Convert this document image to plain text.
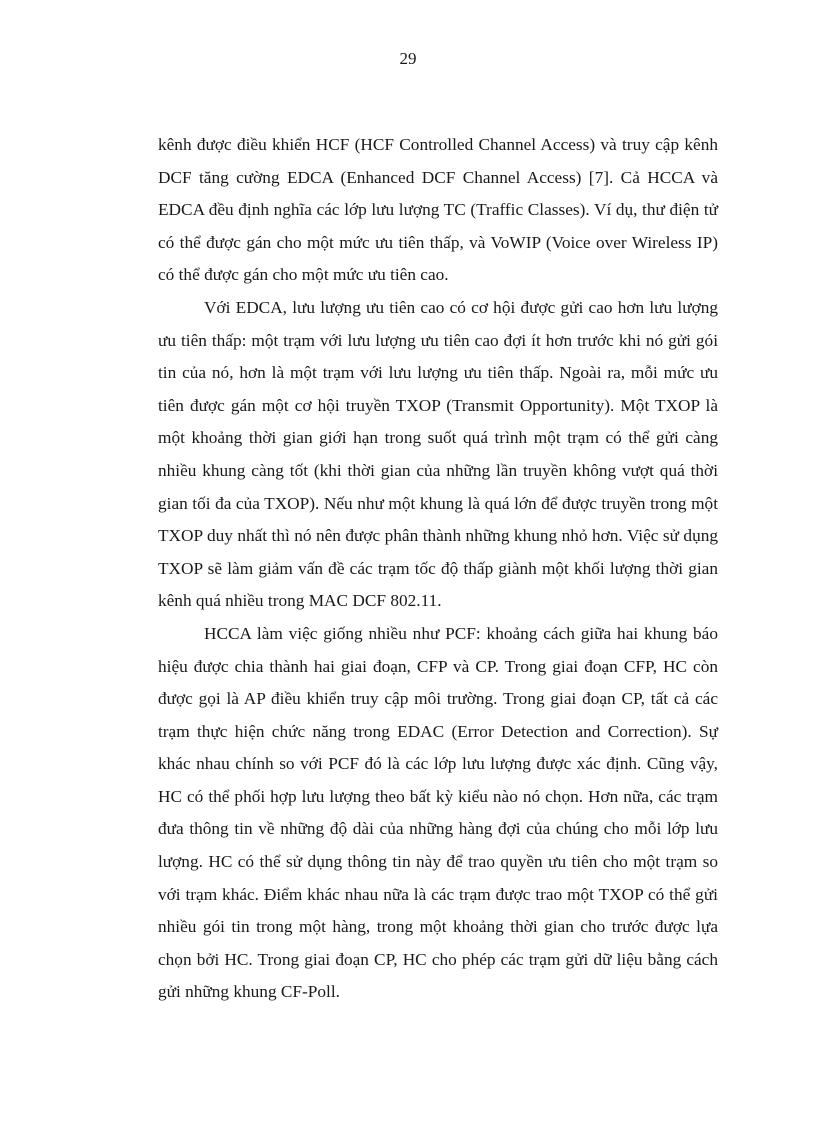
29

kênh được điều khiển HCF (HCF Controlled Channel Access) và truy cập kênh DCF tăng cường EDCA (Enhanced DCF Channel Access) [7]. Cả HCCA và EDCA đều định nghĩa các lớp lưu lượng TC (Traffic Classes). Ví dụ, thư điện tử có thể được gán cho một mức ưu tiên thấp, và VoWIP (Voice over Wireless IP) có thể được gán cho một mức ưu tiên cao.

Với EDCA, lưu lượng ưu tiên cao có cơ hội được gửi cao hơn lưu lượng ưu tiên thấp: một trạm với lưu lượng ưu tiên cao đợi ít hơn trước khi nó gửi gói tin của nó, hơn là một trạm với lưu lượng ưu tiên thấp. Ngoài ra, mỗi mức ưu tiên được gán một cơ hội truyền TXOP (Transmit Opportunity). Một TXOP là một khoảng thời gian giới hạn trong suốt quá trình một trạm có thể gửi càng nhiều khung càng tốt (khi thời gian của những lần truyền không vượt quá thời gian tối đa của TXOP). Nếu như một khung là quá lớn để được truyền trong một TXOP duy nhất thì nó nên được phân thành những khung nhỏ hơn. Việc sử dụng TXOP sẽ làm giảm vấn đề các trạm tốc độ thấp giành một khối lượng thời gian kênh quá nhiều trong MAC DCF 802.11.

HCCA làm việc giống nhiều như PCF: khoảng cách giữa hai khung báo hiệu được chia thành hai giai đoạn, CFP và CP. Trong giai đoạn CFP, HC còn được gọi là AP điều khiển truy cập môi trường. Trong giai đoạn CP, tất cả các trạm thực hiện chức năng trong EDAC (Error Detection and Correction). Sự khác nhau chính so với PCF đó là các lớp lưu lượng được xác định. Cũng vậy, HC có thể phối hợp lưu lượng theo bất kỳ kiểu nào nó chọn. Hơn nữa, các trạm đưa thông tin về những độ dài của những hàng đợi của chúng cho mỗi lớp lưu lượng. HC có thể sử dụng thông tin này để trao quyền ưu tiên cho một trạm so với trạm khác. Điểm khác nhau nữa là các trạm được trao một TXOP có thể gửi nhiều gói tin trong một hàng, trong một khoảng thời gian cho trước được lựa chọn bởi HC. Trong giai đoạn CP, HC cho phép các trạm gửi dữ liệu bằng cách gửi những khung CF-Poll.
